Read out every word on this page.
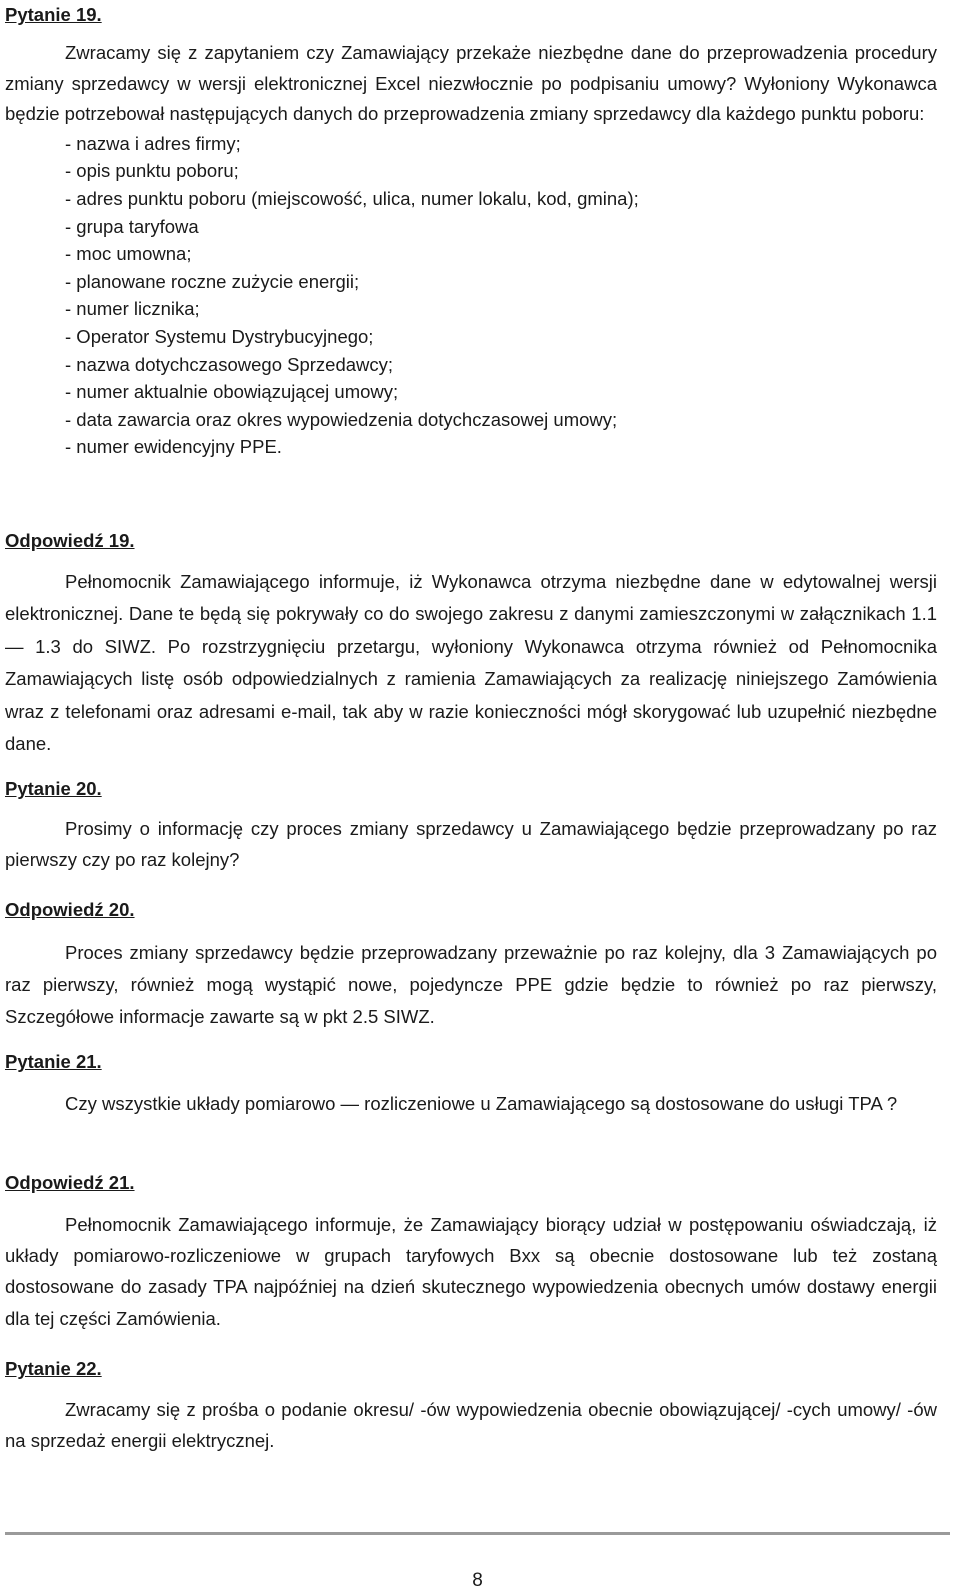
Pytanie 19.

Zwracamy się z zapytaniem czy Zamawiający przekaże niezbędne dane do przeprowadzenia procedury zmiany sprzedawcy w wersji elektronicznej Excel niezwłocznie po podpisaniu umowy? Wyłoniony Wykonawca będzie potrzebował następujących danych do przeprowadzenia zmiany sprzedawcy dla każdego punktu poboru:

- nazwa i adres firmy;
- opis punktu poboru;
- adres punktu poboru (miejscowość, ulica, numer lokalu, kod, gmina);
- grupa taryfowa
- moc umowna;
- planowane roczne zużycie energii;
- numer licznika;
- Operator Systemu Dystrybucyjnego;
- nazwa dotychczasowego Sprzedawcy;
- numer aktualnie obowiązującej umowy;
- data zawarcia oraz okres wypowiedzenia dotychczasowej umowy;
- numer ewidencyjny PPE.

Odpowiedź 19.

Pełnomocnik Zamawiającego informuje, iż Wykonawca otrzyma niezbędne dane w edytowalnej wersji elektronicznej. Dane te będą się pokrywały co do swojego zakresu z danymi zamieszczonymi w załącznikach 1.1 — 1.3 do SIWZ. Po rozstrzygnięciu przetargu, wyłoniony Wykonawca otrzyma również od Pełnomocnika Zamawiających listę osób odpowiedzialnych z ramienia Zamawiających za realizację niniejszego Zamówienia wraz z telefonami oraz adresami e-mail, tak aby w razie konieczności mógł skorygować lub uzupełnić niezbędne dane.

Pytanie 20.

Prosimy o informację czy proces zmiany sprzedawcy u Zamawiającego będzie przeprowadzany po raz pierwszy czy po raz kolejny?

Odpowiedź 20.

Proces zmiany sprzedawcy będzie przeprowadzany przeważnie po raz kolejny, dla 3 Zamawiających po raz pierwszy, również mogą wystąpić nowe, pojedyncze PPE gdzie będzie to również po raz pierwszy, Szczegółowe informacje zawarte są w pkt 2.5 SIWZ.

Pytanie 21.

Czy wszystkie układy pomiarowo — rozliczeniowe u Zamawiającego są dostosowane do usługi TPA ?

Odpowiedź 21.

Pełnomocnik Zamawiającego informuje, że Zamawiający biorący udział w postępowaniu oświadczają, iż układy pomiarowo-rozliczeniowe w grupach taryfowych Bxx są obecnie dostosowane lub też zostaną dostosowane do zasady TPA najpóźniej na dzień skutecznego wypowiedzenia obecnych umów dostawy energii dla tej części Zamówienia.

Pytanie 22.

Zwracamy się z prośba o podanie okresu/ -ów wypowiedzenia obecnie obowiązującej/ -cych umowy/ -ów na sprzedaż energii elektrycznej.

8
